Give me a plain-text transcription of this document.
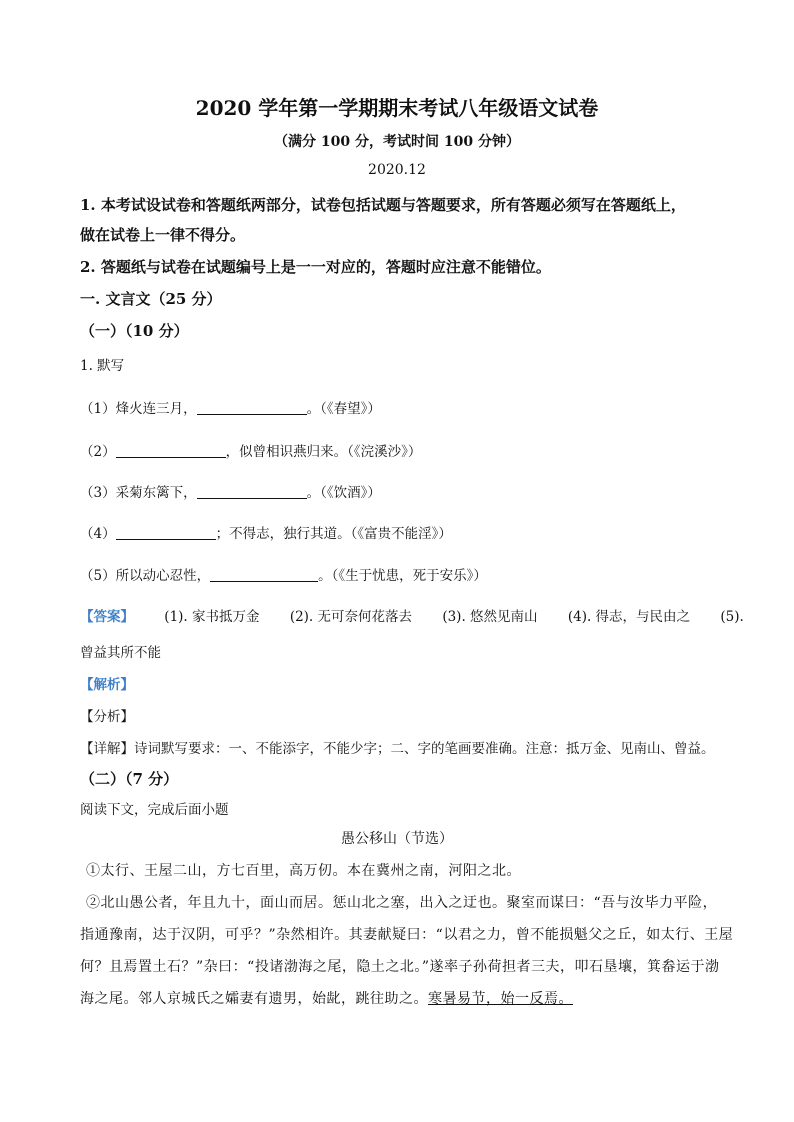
2020 学年第一学期期末考试八年级语文试卷
（满分 100 分，考试时间 100 分钟）
2020.12
1. 本考试设试卷和答题纸两部分，试卷包括试题与答题要求，所有答题必须写在答题纸上，
做在试卷上一律不得分。
2. 答题纸与试卷在试题编号上是一一对应的，答题时应注意不能错位。
一. 文言文（25 分）
（一）（10 分）
1. 默写
（1）烽火连三月，	。（《春望》）
（2）	，似曾相识燕归来。（《浣溪沙》）
（3）采菊东篱下，	。（《饮酒》）
（4）	；不得志，独行其道。（《富贵不能淫》）
（5）所以动心忍性，	。（《生于忧患，死于安乐》）
【答案】 (1). 家书抵万金 (2). 无可奈何花落去 (3). 悠然见南山 (4). 得志，与民由之 (5).
曾益其所不能
【解析】
【分析】
【详解】诗词默写要求：一、不能添字，不能少字；二、字的笔画要准确。注意：抵万金、见南山、曾益。
（二）（7 分）
阅读下文，完成后面小题
愚公移山（节选）
①太行、王屋二山，方七百里，高万仞。本在冀州之南，河阳之北。
②北山愚公者，年且九十，面山而居。惩山北之塞，出入之迂也。聚室而谋曰：“吾与汝毕力平险，
指通豫南，达于汉阴，可乎？”杂然相许。其妻献疑曰：“以君之力，曾不能损魁父之丘，如太行、王屋
何？且焉置土石？”杂曰：“投诸渤海之尾，隐土之北。”遂率子孙荷担者三夫，叩石垦壤，箕畚运于渤
海之尾。邻人京城氏之孀妻有遗男，始龀，跳往助之。寒暑易节，始一反焉。
